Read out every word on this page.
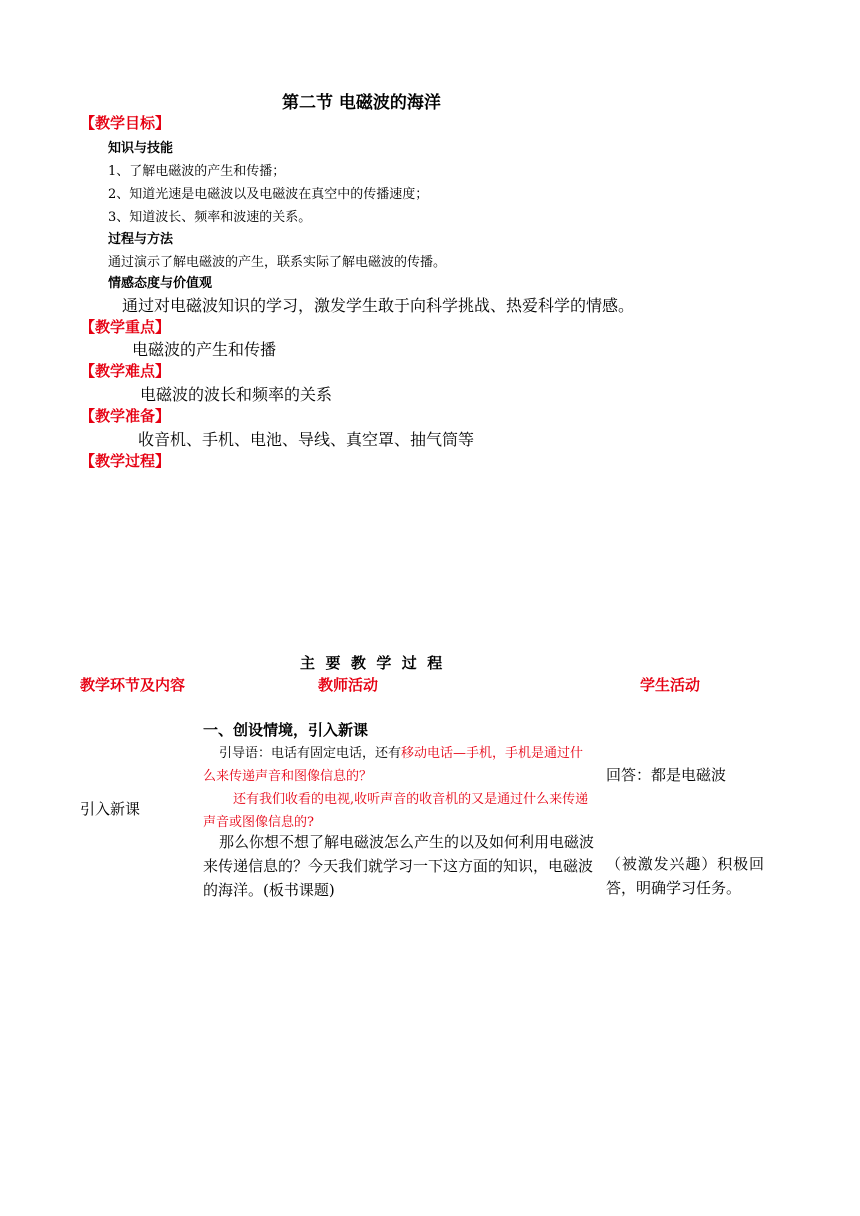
第二节 电磁波的海洋
【教学目标】
知识与技能
1、了解电磁波的产生和传播；
2、知道光速是电磁波以及电磁波在真空中的传播速度；
3、知道波长、频率和波速的关系。
过程与方法
通过演示了解电磁波的产生，联系实际了解电磁波的传播。
情感态度与价值观
通过对电磁波知识的学习，激发学生敢于向科学挑战、热爱科学的情感。
【教学重点】
电磁波的产生和传播
【教学难点】
电磁波的波长和频率的关系
【教学准备】
收音机、手机、电池、导线、真空罩、抽气筒等
【教学过程】
主  要  教  学  过  程
教学环节及内容	教师活动	学生活动
引入新课
一、创设情境，引入新课
引导语：电话有固定电话，还有移动电话—手机，手机是通过什么来传递声音和图像信息的？
还有我们收看的电视,收听声音的收音机的又是通过什么来传递声音或图像信息的?
那么你想不想了解电磁波怎么产生的以及如何利用电磁波来传递信息的？今天我们就学习一下这方面的知识，电磁波的海洋。(板书课题)
回答：都是电磁波
（被激发兴趣）积极回答，明确学习任务。
